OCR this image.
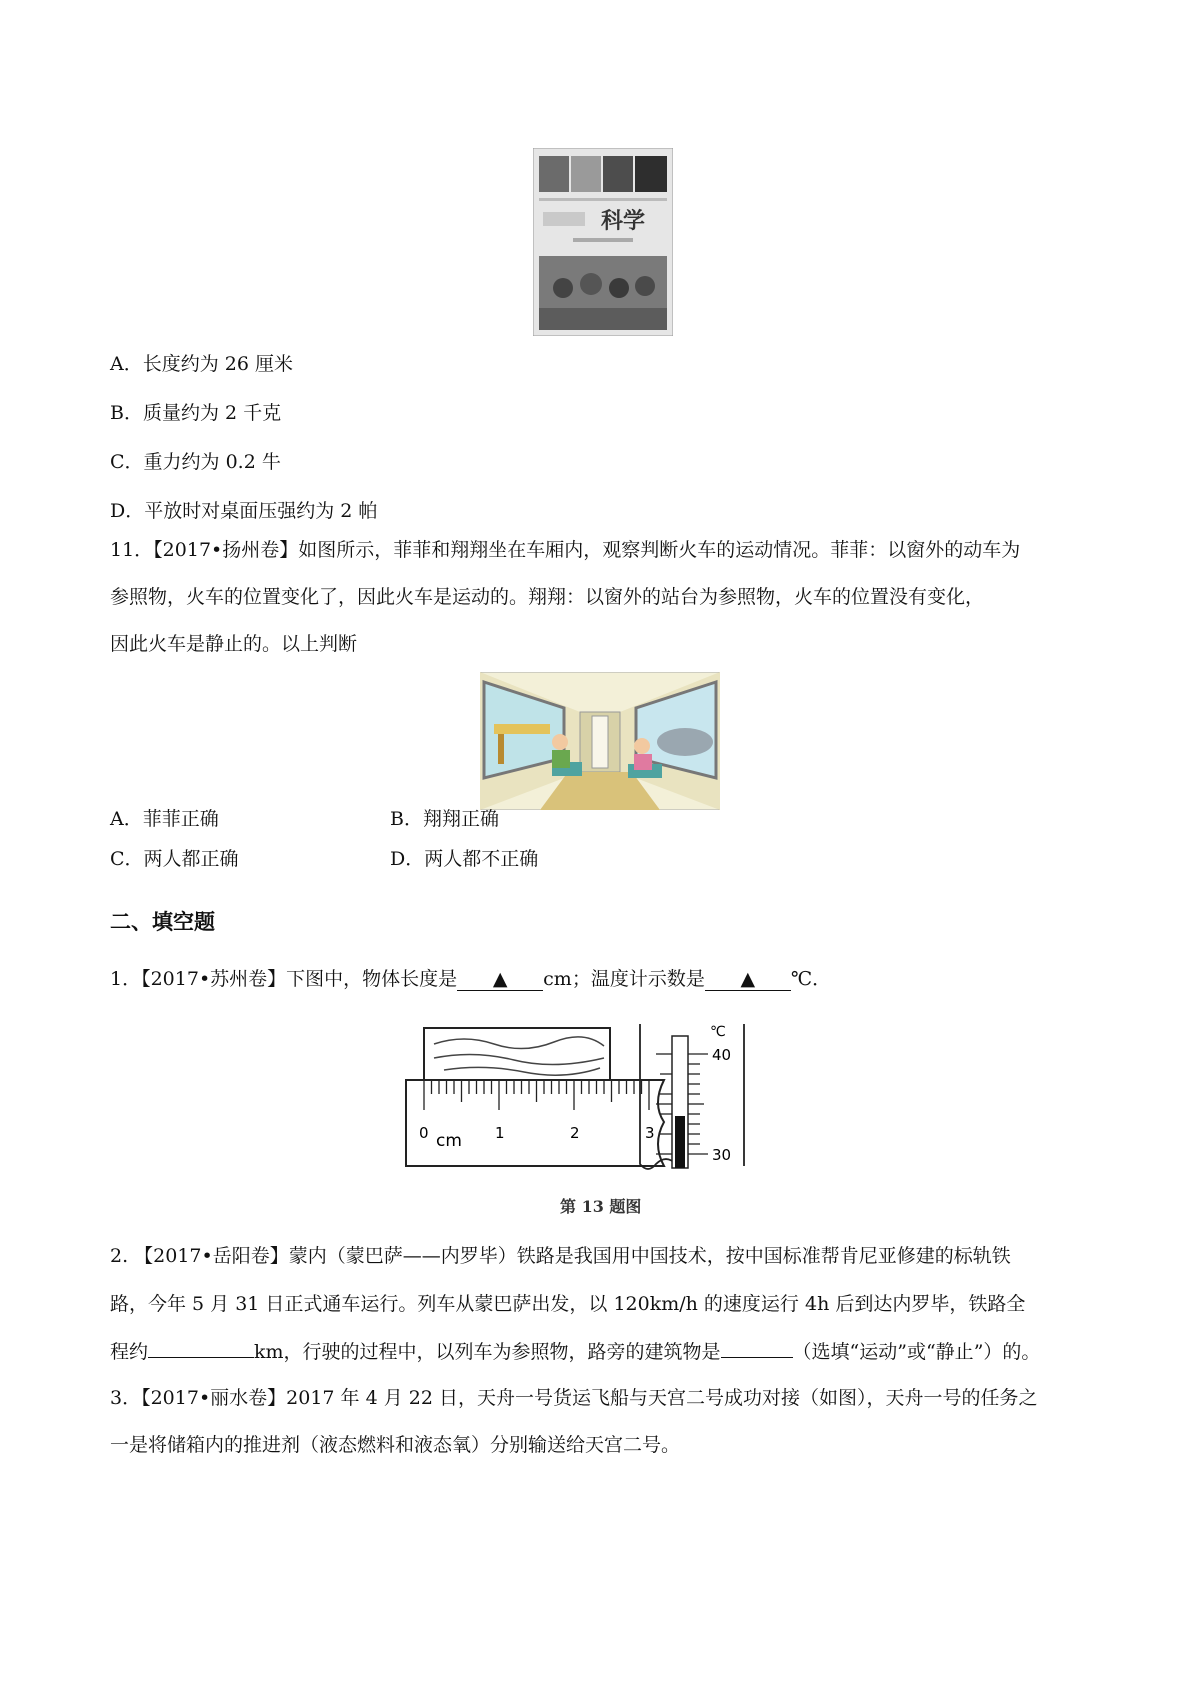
科学
A．长度约为 26 厘米
B．质量约为 2 千克
C．重力约为 0.2 牛
D．平放时对桌面压强约为 2 帕
11．【2017•扬州卷】如图所示，菲菲和翔翔坐在车厢内，观察判断火车的运动情况。菲菲：以窗外的动车为
参照物，火车的位置变化了，因此火车是运动的。翔翔：以窗外的站台为参照物，火车的位置没有变化，
因此火车是静止的。以上判断
A．菲菲正确	B．翔翔正确
C．两人都正确	D．两人都不正确
二、填空题
1．【2017•苏州卷】下图中，物体长度是 ▲ cm；温度计示数是 ▲ ℃．
0 cm 1	2	3
℃
40
30
第 13 题图
2. 【2017•岳阳卷】蒙内（蒙巴萨——内罗毕）铁路是我国用中国技术，按中国标准帮肯尼亚修建的标轨铁
路，今年 5 月 31 日正式通车运行。列车从蒙巴萨出发，以 120km/h 的速度运行 4h 后到达内罗毕，铁路全
程约	km，行驶的过程中，以列车为参照物，路旁的建筑物是	（选填“运动”或“静止”）的。
3．【2017•丽水卷】2017 年 4 月 22 日，天舟一号货运飞船与天宫二号成功对接（如图），天舟一号的任务之
一是将储箱内的推进剂（液态燃料和液态氧）分别输送给天宫二号。
